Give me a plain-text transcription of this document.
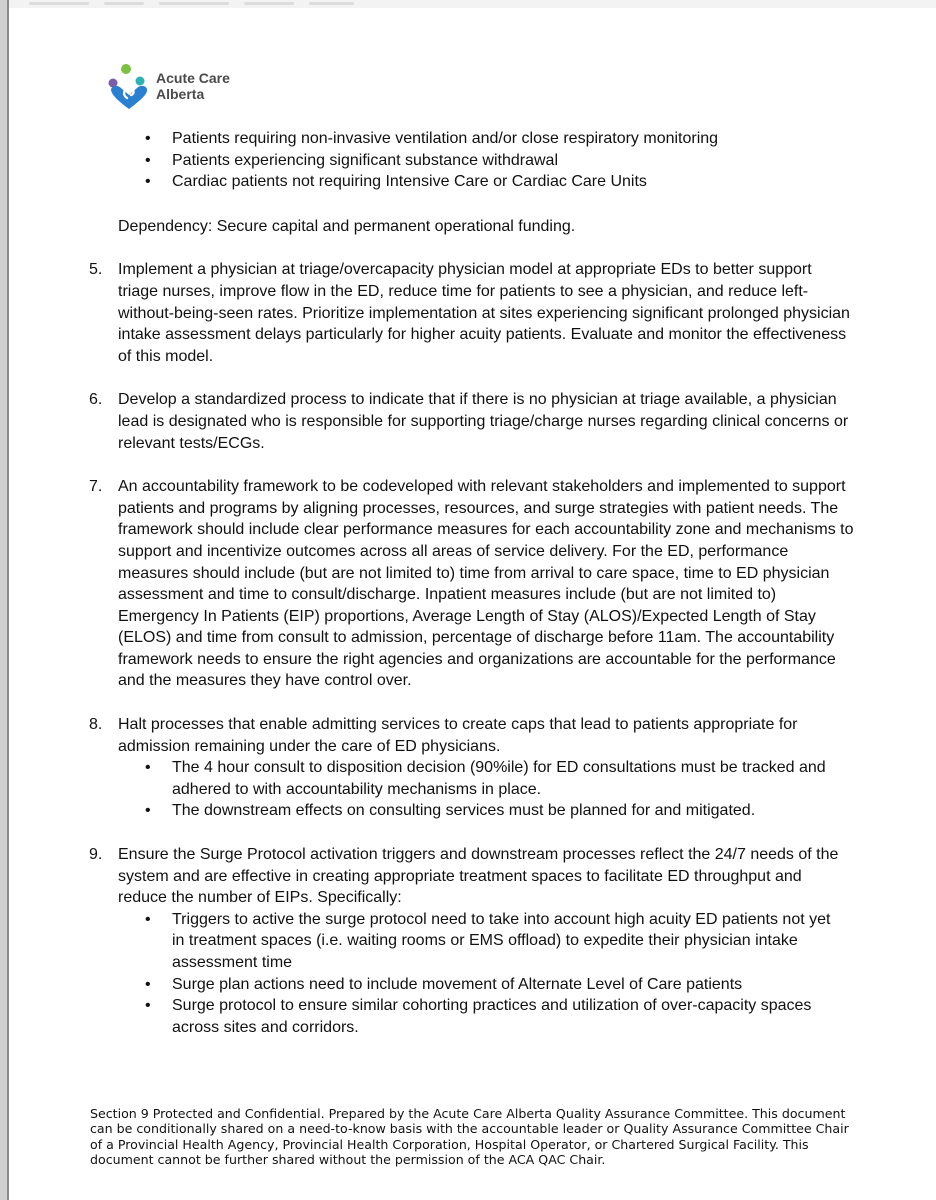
Acute Care
Alberta
• Patients requiring non-invasive ventilation and/or close respiratory monitoring
• Patients experiencing significant substance withdrawal
• Cardiac patients not requiring Intensive Care or Cardiac Care Units
Dependency: Secure capital and permanent operational funding.
5. Implement a physician at triage/overcapacity physician model at appropriate EDs to better support triage nurses, improve flow in the ED, reduce time for patients to see a physician, and reduce left-without-being-seen rates. Prioritize implementation at sites experiencing significant prolonged physician intake assessment delays particularly for higher acuity patients. Evaluate and monitor the effectiveness of this model.
6. Develop a standardized process to indicate that if there is no physician at triage available, a physician lead is designated who is responsible for supporting triage/charge nurses regarding clinical concerns or relevant tests/ECGs.
7. An accountability framework to be codeveloped with relevant stakeholders and implemented to support patients and programs by aligning processes, resources, and surge strategies with patient needs. The framework should include clear performance measures for each accountability zone and mechanisms to support and incentivize outcomes across all areas of service delivery. For the ED, performance measures should include (but are not limited to) time from arrival to care space, time to ED physician assessment and time to consult/discharge. Inpatient measures include (but are not limited to) Emergency In Patients (EIP) proportions, Average Length of Stay (ALOS)/Expected Length of Stay (ELOS) and time from consult to admission, percentage of discharge before 11am. The accountability framework needs to ensure the right agencies and organizations are accountable for the performance and the measures they have control over.
8. Halt processes that enable admitting services to create caps that lead to patients appropriate for admission remaining under the care of ED physicians.
• The 4 hour consult to disposition decision (90%ile) for ED consultations must be tracked and adhered to with accountability mechanisms in place.
• The downstream effects on consulting services must be planned for and mitigated.
9. Ensure the Surge Protocol activation triggers and downstream processes reflect the 24/7 needs of the system and are effective in creating appropriate treatment spaces to facilitate ED throughput and reduce the number of EIPs. Specifically:
• Triggers to active the surge protocol need to take into account high acuity ED patients not yet in treatment spaces (i.e. waiting rooms or EMS offload) to expedite their physician intake assessment time
• Surge plan actions need to include movement of Alternate Level of Care patients
• Surge protocol to ensure similar cohorting practices and utilization of over-capacity spaces across sites and corridors.
Section 9 Protected and Confidential. Prepared by the Acute Care Alberta Quality Assurance Committee. This document can be conditionally shared on a need-to-know basis with the accountable leader or Quality Assurance Committee Chair of a Provincial Health Agency, Provincial Health Corporation, Hospital Operator, or Chartered Surgical Facility. This document cannot be further shared without the permission of the ACA QAC Chair.
